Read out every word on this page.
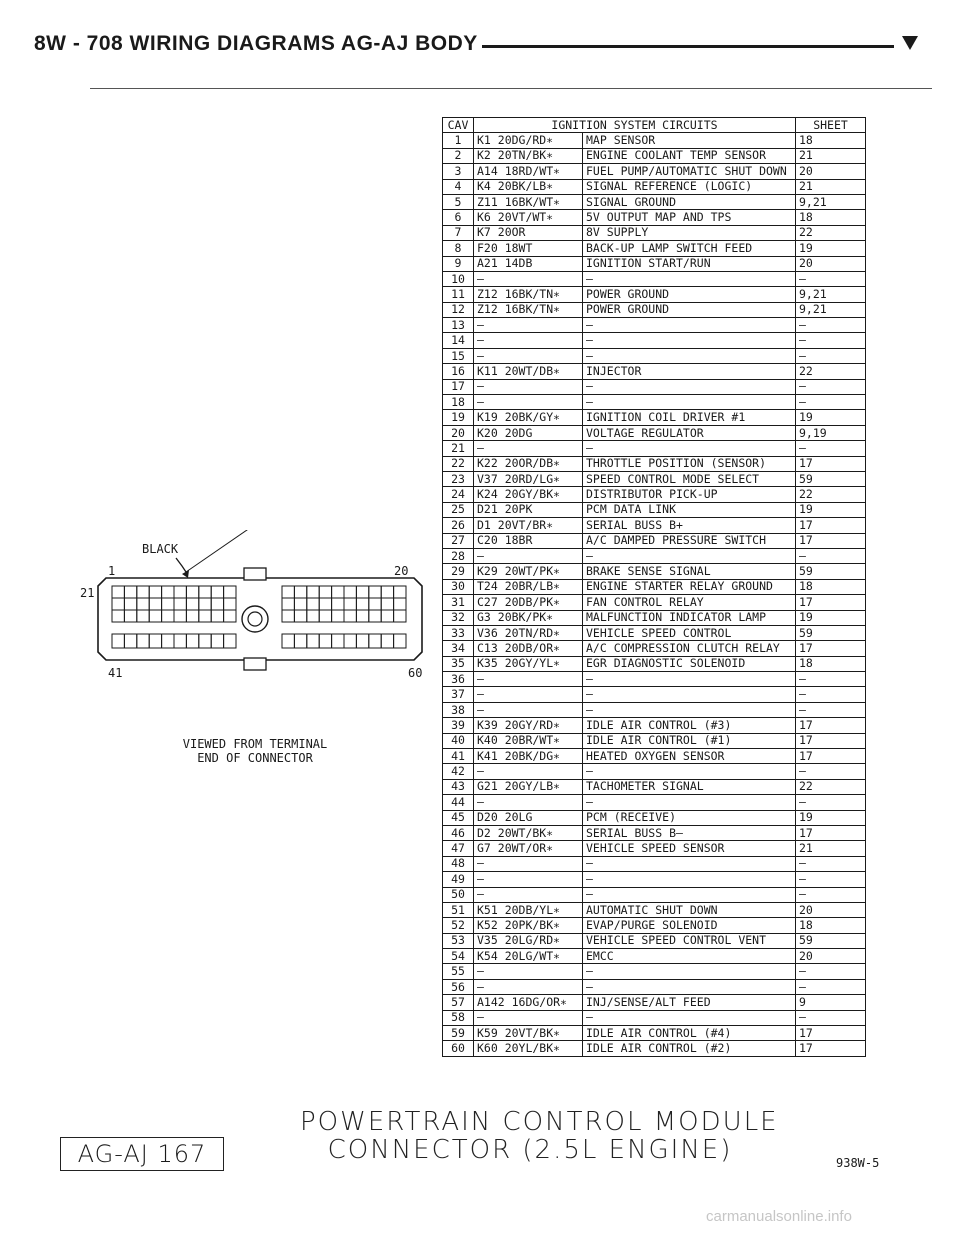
8W - 708 WIRING DIAGRAMS AG-AJ BODY
BLACK
1	20
21
41	60
VIEWED FROM TERMINAL
END OF CONNECTOR
CAV	IGNITION SYSTEM CIRCUITS		SHEET
1	K1 20DG/RD∗	MAP SENSOR	18
2	K2 20TN/BK∗	ENGINE COOLANT TEMP SENSOR	21
3	A14 18RD/WT∗	FUEL PUMP/AUTOMATIC SHUT DOWN	20
4	K4 20BK/LB∗	SIGNAL REFERENCE (LOGIC)	21
5	Z11 16BK/WT∗	SIGNAL GROUND	9,21
6	K6 20VT/WT∗	5V OUTPUT MAP AND TPS	18
7	K7 20OR	8V SUPPLY	22
8	F20 18WT	BACK-UP LAMP SWITCH FEED	19
9	A21 14DB	IGNITION START/RUN	20
10	—	—	—
11	Z12 16BK/TN∗	POWER GROUND	9,21
12	Z12 16BK/TN∗	POWER GROUND	9,21
13	—	—	—
14	—	—	—
15	—	—	—
16	K11 20WT/DB∗	INJECTOR	22
17	—	—	—
18	—	—	—
19	K19 20BK/GY∗	IGNITION COIL DRIVER #1	19
20	K20 20DG	VOLTAGE REGULATOR	9,19
21	—	—	—
22	K22 20OR/DB∗	THROTTLE POSITION (SENSOR)	17
23	V37 20RD/LG∗	SPEED CONTROL MODE SELECT	59
24	K24 20GY/BK∗	DISTRIBUTOR PICK-UP	22
25	D21 20PK	PCM DATA LINK	19
26	D1 20VT/BR∗	SERIAL BUSS B+	17
27	C20 18BR	A/C DAMPED PRESSURE SWITCH	17
28	—	—	—
29	K29 20WT/PK∗	BRAKE SENSE SIGNAL	59
30	T24 20BR/LB∗	ENGINE STARTER RELAY GROUND	18
31	C27 20DB/PK∗	FAN CONTROL RELAY	17
32	G3 20BK/PK∗	MALFUNCTION INDICATOR LAMP	19
33	V36 20TN/RD∗	VEHICLE SPEED CONTROL	59
34	C13 20DB/OR∗	A/C COMPRESSION CLUTCH RELAY	17
35	K35 20GY/YL∗	EGR DIAGNOSTIC SOLENOID	18
36	—	—	—
37	—	—	—
38	—	—	—
39	K39 20GY/RD∗	IDLE AIR CONTROL (#3)	17
40	K40 20BR/WT∗	IDLE AIR CONTROL (#1)	17
41	K41 20BK/DG∗	HEATED OXYGEN SENSOR	17
42	—	—	—
43	G21 20GY/LB∗	TACHOMETER SIGNAL	22
44	—	—	—
45	D20 20LG	PCM (RECEIVE)	19
46	D2 20WT/BK∗	SERIAL BUSS B–	17
47	G7 20WT/OR∗	VEHICLE SPEED SENSOR	21
48	—	—	—
49	—	—	—
50	—	—	—
51	K51 20DB/YL∗	AUTOMATIC SHUT DOWN	20
52	K52 20PK/BK∗	EVAP/PURGE SOLENOID	18
53	V35 20LG/RD∗	VEHICLE SPEED CONTROL VENT	59
54	K54 20LG/WT∗	EMCC	20
55	—	—	—
56	—	—	—
57	A142 16DG/OR∗	INJ/SENSE/ALT FEED	9
58	—	—	—
59	K59 20VT/BK∗	IDLE AIR CONTROL (#4)	17
60	K60 20YL/BK∗	IDLE AIR CONTROL (#2)	17
POWERTRAIN CONTROL MODULE
CONNECTOR (2.5L ENGINE)
AG-AJ 167	938W-5
carmanualsonline.info
